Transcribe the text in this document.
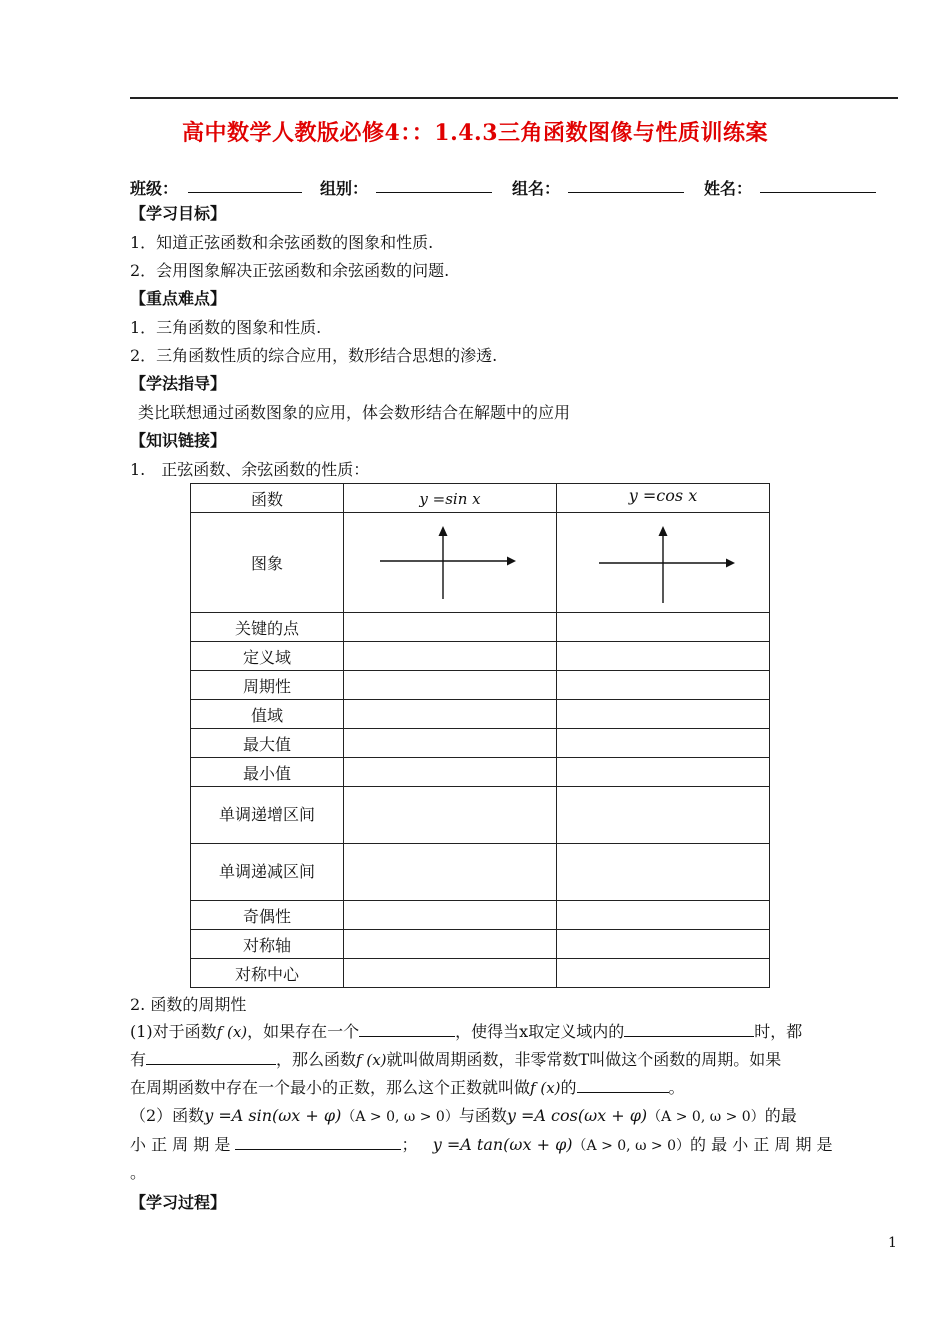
高中数学人教版必修4：：1.4.3三角函数图像与性质训练案
班级：	组别：	组名：	姓名：
【学习目标】
1．知道正弦函数和余弦函数的图象和性质.
2．会用图象解决正弦函数和余弦函数的问题.
【重点难点】
1．三角函数的图象和性质.
2．三角函数性质的综合应用，数形结合思想的渗透.
【学法指导】
类比联想通过函数图象的应用，体会数形结合在解题中的应用
【知识链接】
1.　正弦函数、余弦函数的性质：
函数	y =sin x	y =cos x
图象		
关键的点		
定义域		
周期性		
值域		
最大值		
最小值		
单调递增区间		
单调递减区间		
奇偶性		
对称轴		
对称中心		
2. 函数的周期性
(1)对于函数f (x)，如果存在一个	，使得当x取定义域内的	时，都
有	，那么函数f (x)就叫做周期函数，非零常数T叫做这个函数的周期。如果
在周期函数中存在一个最小的正数，那么这个正数就叫做f (x)的	。
（2）函数y =A sin(ωx + φ)（A > 0, ω > 0）与函数y =A cos(ωx + φ)（A > 0, ω > 0）的最
小 正 周 期 是	； y =A tan(ωx + φ)（A > 0, ω > 0）的 最 小 正 周 期 是
。
【学习过程】
1
